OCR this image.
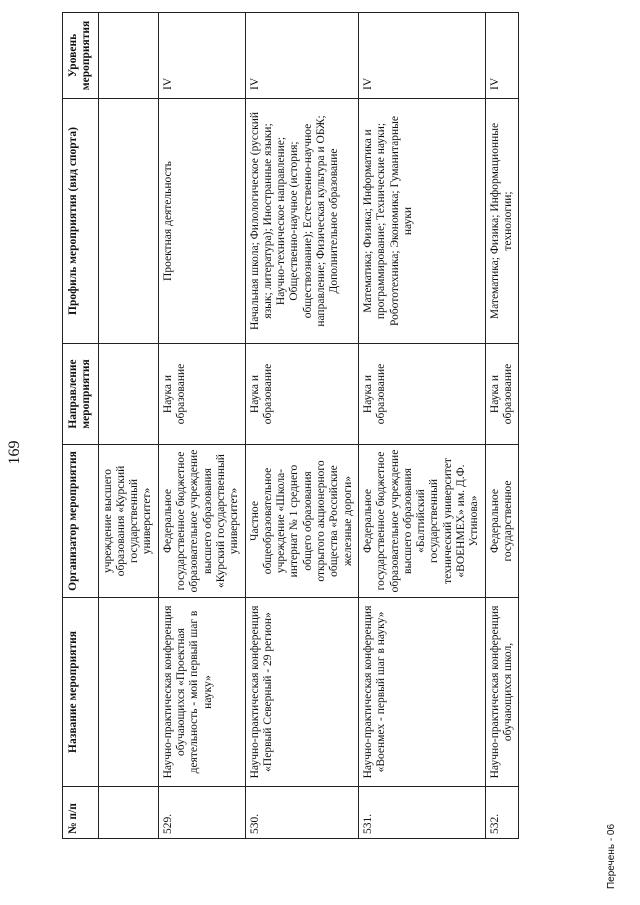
169
№ п/п	Название мероприятия	Организатор мероприятия	Направление мероприятия	Профиль мероприятия (вид спорта)	Уровень мероприятия
		учреждение высшего образования «Курский государственный университет»			
529.	Научно-практическая конференция обучающихся «Проектная деятельность - мой первый шаг в науку»	Федеральное государственное бюджетное образовательное учреждение высшего образования «Курский государственный университет»	Наука и образование	Проектная деятельность	IV
530.	Научно-практическая конференция «Первый Северный - 29 регион»	Частное общеобразовательное учреждение «Школа-интернат № 1 среднего общего образования открытого акционерного общества «Российские железные дороги»	Наука и образование	Начальная школа; Филологическое (русский язык; литература); Иностранные языки; Научно-техническое направление; Общественно-научное (история; обществознание); Естественно-научное направление; Физическая культура и ОБЖ; Дополнительное образование	IV
531.	Научно-практическая конференция «Военмех - первый шаг в науку»	Федеральное государственное бюджетное образовательное учреждение высшего образования «Балтийский государственный технический университет «ВОЕНМЕХ» им. Д.Ф. Устинова»	Наука и образование	Математика; Физика; Информатика и программирование; Технические науки; Робототехника; Экономика; Гуманитарные науки	IV
532.	Научно-практическая конференция обучающихся школ,	Федеральное государственное	Наука и образование	Математика; Физика; Информационные технологии;	IV
Перечень - 06
